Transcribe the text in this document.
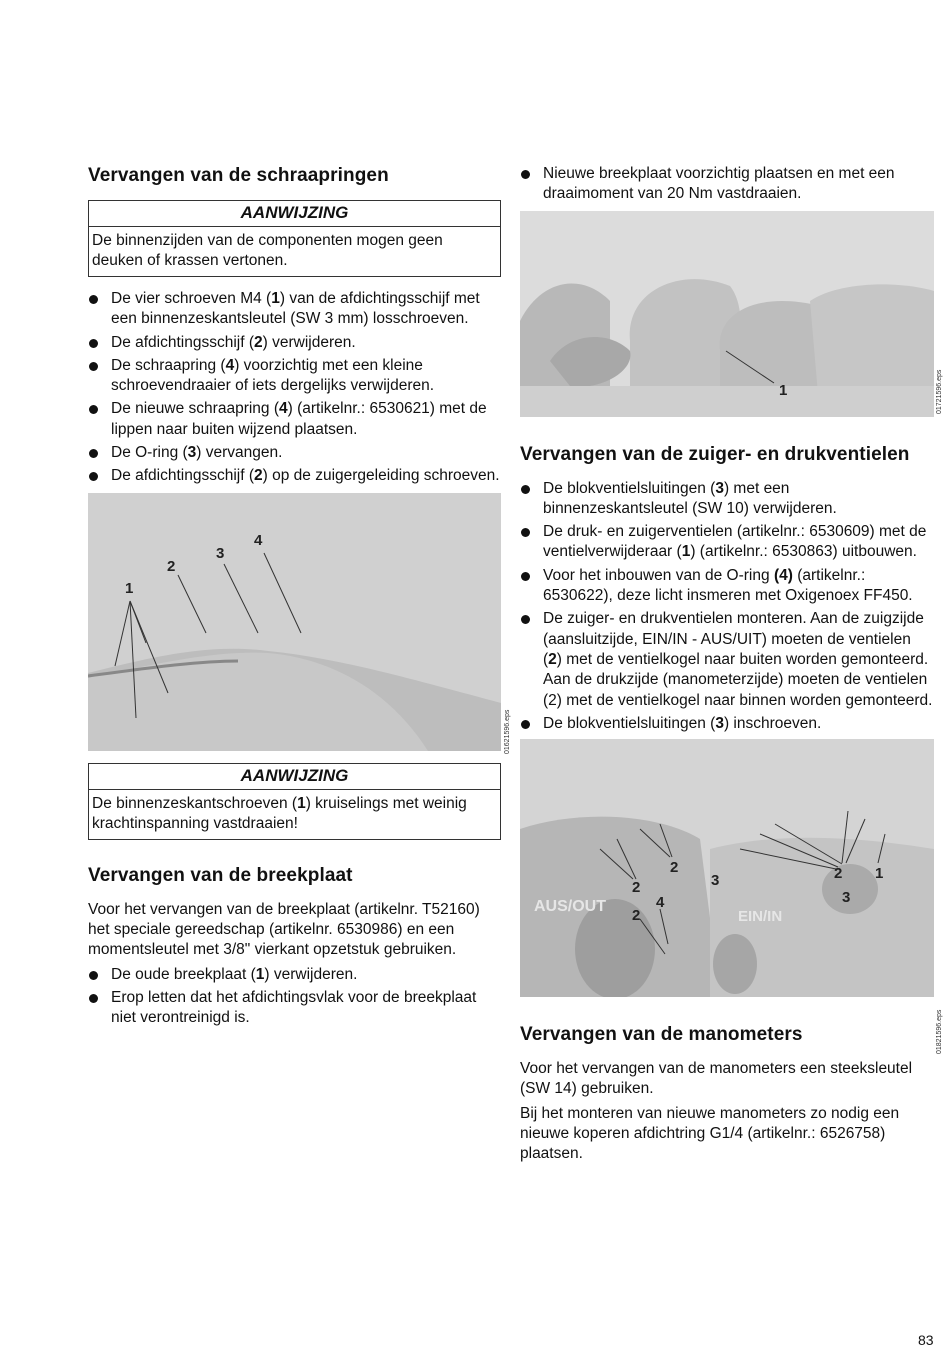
Vervangen van de schraapringen
AANWIJZING
De binnenzijden van de componenten mogen geen deuken of krassen vertonen.
De vier schroeven M4 (1) van de afdichtingsschijf met een binnenzeskantsleutel (SW 3 mm) losschroeven.
De afdichtingsschijf (2) verwijderen.
De schraapring (4) voorzichtig met een kleine schroevendraaier of iets dergelijks verwijderen.
De nieuwe schraapring (4) (artikelnr.: 6530621) met de lippen naar buiten wijzend plaatsen.
De O-ring (3) vervangen.
De afdichtingsschijf (2) op de zuigergeleiding schroeven.
1
2
3
4
01621596.eps
AANWIJZING
De binnenzeskantschroeven (1) kruiselings met weinig krachtinspanning vastdraaien!
Vervangen van de breekplaat

Voor het vervangen van de breekplaat (artikelnr. T52160) het speciale gereedschap (artikelnr. 6530986) en een momentsleutel met 3/8" vierkant opzetstuk gebruiken.

De oude breekplaat (1) verwijderen.
Erop letten dat het afdichtingsvlak voor de breekplaat niet verontreinigd is.
Nieuwe breekplaat voorzichtig plaatsen en met een draaimoment van 20 Nm vastdraaien.
1	01721596.eps
Vervangen van de zuiger- en drukventielen
De blokventielsluitingen (3) met een binnenzeskantsleutel (SW 10) verwijderen.
De druk- en zuigerventielen (artikelnr.: 6530609) met de ventielverwijderaar (1) (artikelnr.: 6530863) uitbouwen.
Voor het inbouwen van de O-ring (4) (artikelnr.: 6530622), deze licht insmeren met Oxigenoex FF450.
De zuiger- en drukventielen monteren. Aan de zuigzijde (aansluitzijde, EIN/IN - AUS/UIT) moeten de ventielen (2) met de ventielkogel naar buiten worden gemonteerd. Aan de drukzijde (manometerzijde) moeten de ventielen (2) met de ventielkogel naar binnen worden gemonteerd.
De blokventielsluitingen (3) inschroeven.
AUS/OUT
EIN/IN
2
2
3
4
2
2 1
3
01821596.eps
Vervangen van de manometers

Voor het vervangen van de manometers een steeksleutel (SW 14) gebruiken.

Bij het monteren van nieuwe manometers zo nodig een nieuwe koperen afdichtring G1/4 (artikelnr.: 6526758) plaatsen.

83
